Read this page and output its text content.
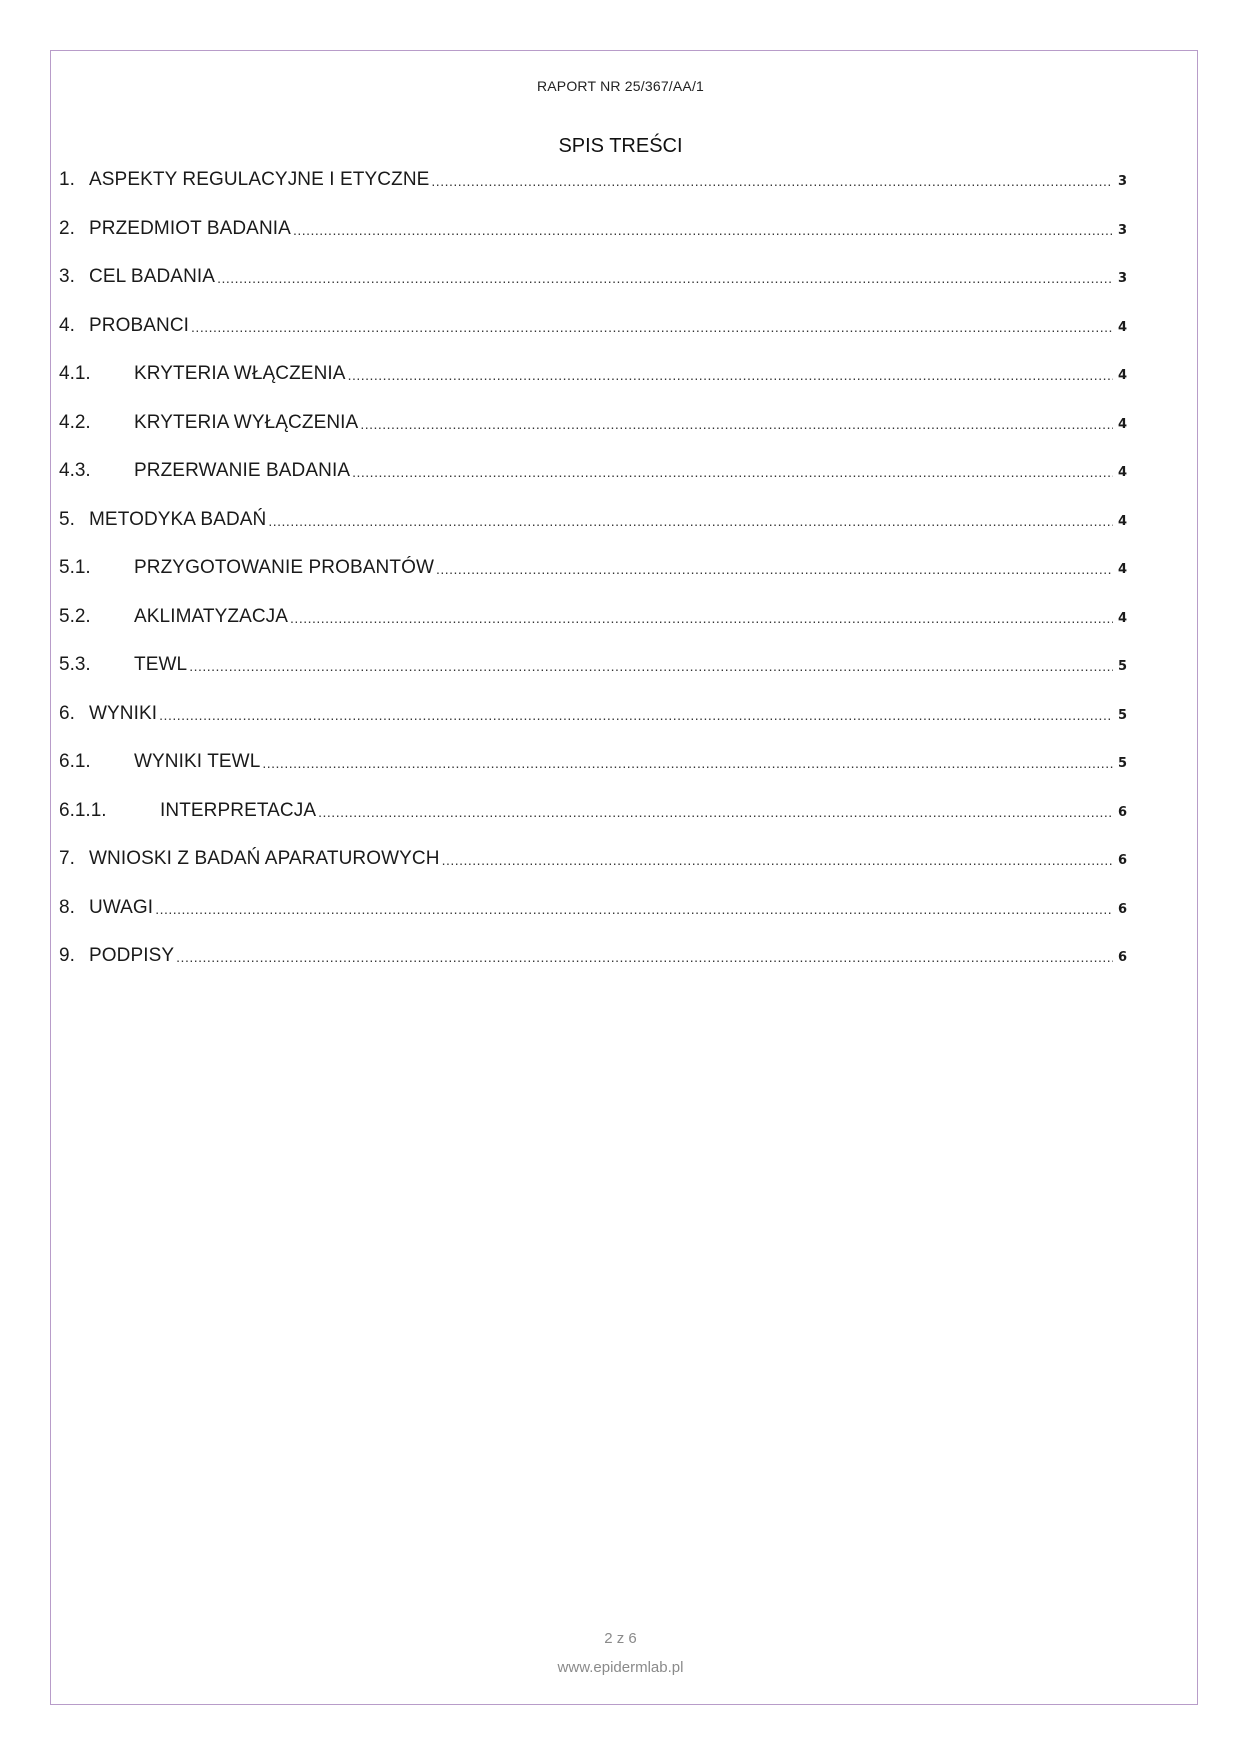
RAPORT NR 25/367/AA/1
SPIS TREŚCI
1. ASPEKTY REGULACYJNE I ETYCZNE .....	3
2. PRZEDMIOT BADANIA .....	3
3. CEL BADANIA .....	3
4. PROBANCI .....	4
4.1.	KRYTERIA WŁĄCZENIA .....	4
4.2.	KRYTERIA WYŁĄCZENIA .....	4
4.3.	PRZERWANIE BADANIA .....	4
5. METODYKA BADAŃ .....	4
5.1.	PRZYGOTOWANIE PROBANTÓW .....	4
5.2.	AKLIMATYZACJA .....	4
5.3.	TEWL .....	5
6. WYNIKI .....	5
6.1.	WYNIKI TEWL .....	5
6.1.1.	INTERPRETACJA .....	6
7. WNIOSKI Z BADAŃ APARATUROWYCH .....	6
8. UWAGI .....	6
9. PODPISY .....	6
2 z 6
www.epidermlab.pl
